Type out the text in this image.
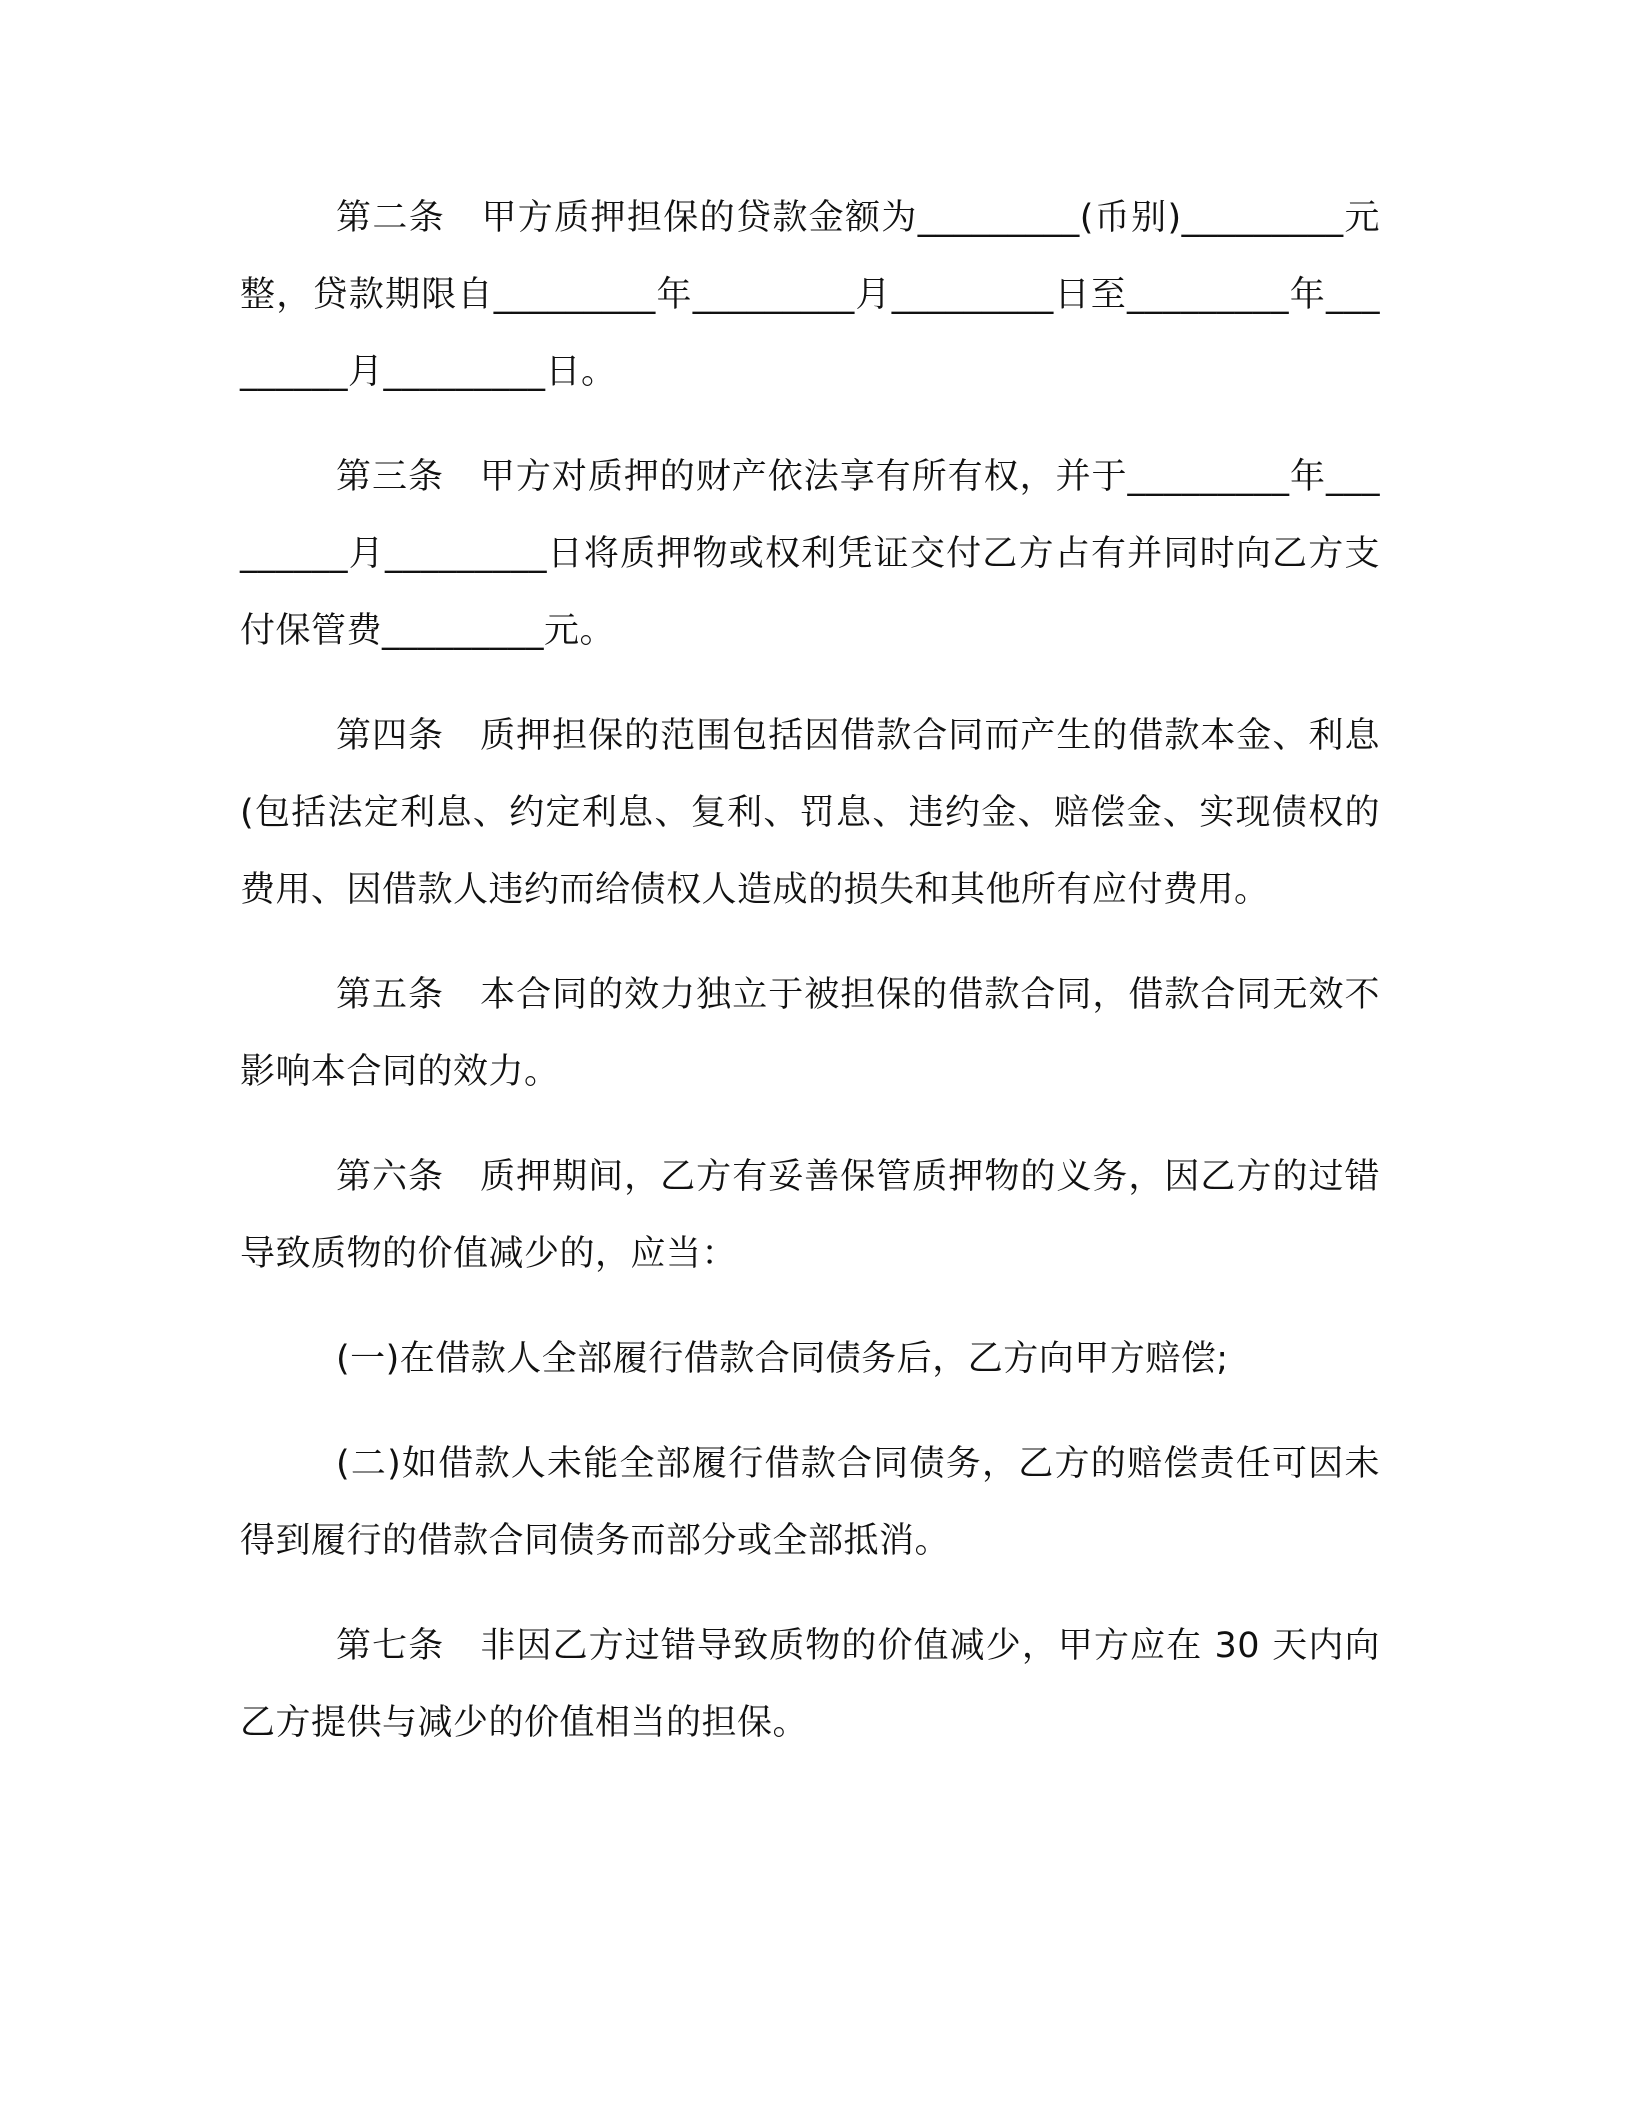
第二条　甲方质押担保的贷款金额为_________(币别)_________元整，贷款期限自_________年_________月_________日至_________年_________月_________日。

第三条　甲方对质押的财产依法享有所有权，并于_________年_________月_________日将质押物或权利凭证交付乙方占有并同时向乙方支付保管费_________元。

第四条　质押担保的范围包括因借款合同而产生的借款本金、利息(包括法定利息、约定利息、复利、罚息、违约金、赔偿金、实现债权的费用、因借款人违约而给债权人造成的损失和其他所有应付费用。

第五条　本合同的效力独立于被担保的借款合同，借款合同无效不影响本合同的效力。

第六条　质押期间，乙方有妥善保管质押物的义务，因乙方的过错导致质物的价值减少的，应当：

(一)在借款人全部履行借款合同债务后，乙方向甲方赔偿;

(二)如借款人未能全部履行借款合同债务，乙方的赔偿责任可因未得到履行的借款合同债务而部分或全部抵消。

第七条　非因乙方过错导致质物的价值减少，甲方应在 30 天内向乙方提供与减少的价值相当的担保。
